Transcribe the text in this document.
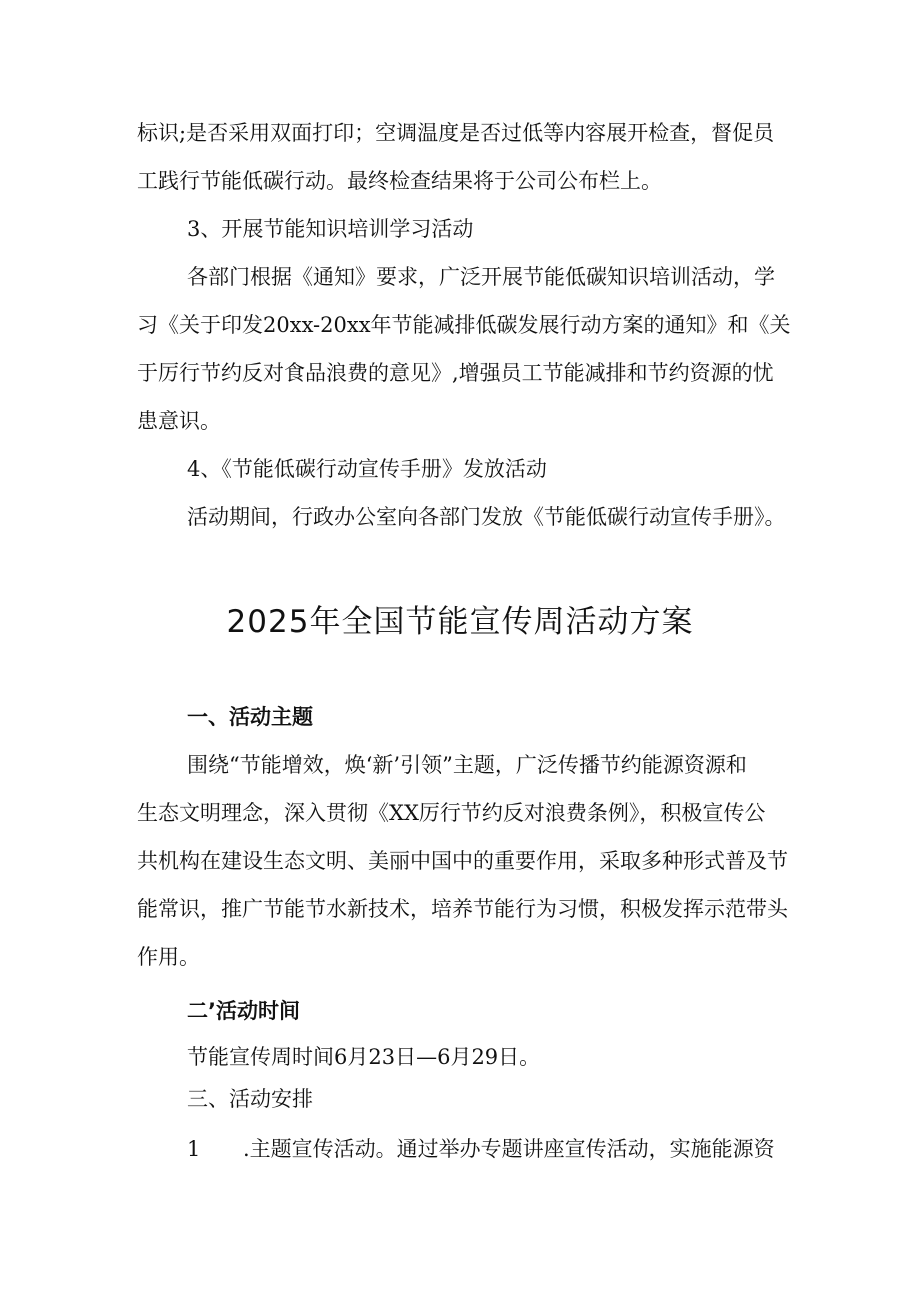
标识;是否采用双面打印；空调温度是否过低等内容展开检查，督促员
工践行节能低碳行动。最终检查结果将于公司公布栏上。
3、开展节能知识培训学习活动
各部门根据《通知》要求，广泛开展节能低碳知识培训活动，学
习《关于印发20xx-20xx年节能减排低碳发展行动方案的通知》和《关
于厉行节约反对食品浪费的意见》,增强员工节能减排和节约资源的忧
患意识。
4、《节能低碳行动宣传手册》发放活动
活动期间，行政办公室向各部门发放《节能低碳行动宣传手册》。
2025年全国节能宣传周活动方案
一、活动主题
围绕“节能增效，焕‘新’引领”主题，广泛传播节约能源资源和
生态文明理念，深入贯彻《XX厉行节约反对浪费条例》，积极宣传公
共机构在建设生态文明、美丽中国中的重要作用，采取多种形式普及节
能常识，推广节能节水新技术，培养节能行为习惯，积极发挥示范带头
作用。
二’活动时间
节能宣传周时间6月23日—6月29日。
三、活动安排
1 .主题宣传活动。通过举办专题讲座宣传活动，实施能源资
